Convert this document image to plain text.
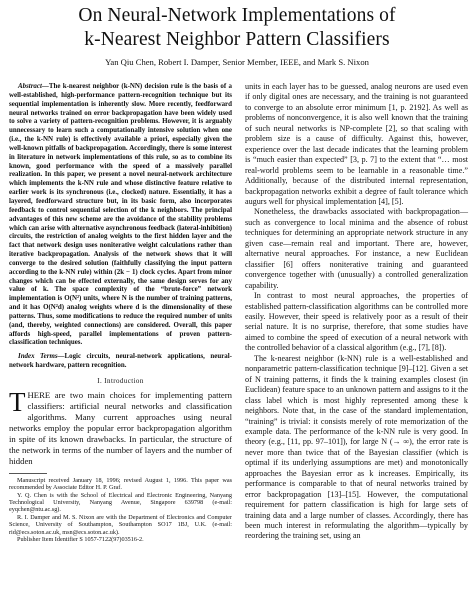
On Neural-Network Implementations of
k-Nearest Neighbor Pattern Classifiers
Yan Qiu Chen, Robert I. Damper, Senior Member, IEEE, and Mark S. Nixon

Abstract—The k-nearest neighbor (k-NN) decision rule is the basis of a well-established, high-performance pattern-recognition technique but its sequential implementation is inherently slow. More recently, feedforward neural networks trained on error backpropagation have been widely used to solve a variety of pattern-recognition problems. However, it is arguably unnecessary to learn such a computationally intensive solution when one (i.e., the k-NN rule) is effectively available a priori, especially given the well-known pitfalls of backpropagation. Accordingly, there is some interest in literature in network implementations of this rule, so as to combine its known, good performance with the speed of a massively parallel realization. In this paper, we present a novel neural-network architecture which implements the k-NN rule and whose distinctive feature relative to earlier work is its synchronous (i.e., clocked) nature. Essentially, it has a layered, feedforward structure but, in its basic form, also incorporates feedback to control sequential selection of the k neighbors. The principal advantages of this new scheme are the avoidance of the stability problems which can arise with alternative asynchronous feedback (lateral-inhibition) circuits, the restriction of analog weights to the first hidden layer and the fact that network design uses noniterative weight calculations rather than iterative backpropagation. Analysis of the network shows that it will converge to the desired solution (faithfully classifying the input pattern according to the k-NN rule) within (2k − 1) clock cycles. Apart from minor changes which can be effected externally, the same design serves for any value of k. The space complexity of the “brute-force” network implementation is O(N²) units, where N is the number of training patterns, and it has O(N²d) analog weights where d is the dimensionality of these patterns. Thus, some modifications to reduce the required number of units (and, thereby, weighted connections) are considered. Overall, this paper affords high-speed, parallel implementations of proven pattern-classification techniques.

Index Terms—Logic circuits, neural-network applications, neural-network hardware, pattern recognition.

I. Introduction

THERE are two main choices for implementing pattern classifiers: artificial neural networks and classification algorithms. Many current approaches using neural networks employ the popular error backpropagation algorithm in spite of its known drawbacks. In particular, the structure of the network in terms of the number of layers and the number of hidden

Manuscript received January 18, 1996; revised August 1, 1996. This paper was recommended by Associate Editor H. P. Graf.

Y. Q. Chen is with the School of Electrical and Electronic Engineering, Nanyang Technological University, Nanyang Avenue, Singapore 639798 (e-mail: eyqchen@ntu.ac.sg).

R. I. Damper and M. S. Nixon are with the Department of Electronics and Computer Science, University of Southampton, Southampton SO17 1BJ, U.K. (e-mail: rid@ecs.soton.ac.uk, msn@ecs.soton.ac.uk).

Publisher Item Identifier S 1057-7122(97)03516-2.

units in each layer has to be guessed, analog neurons are used even if only digital ones are necessary, and the training is not guaranteed to converge to an absolute error minimum [1, p. 2192]. As well as problems of nonconvergence, it is also well known that the training of such neural networks is NP-complete [2], so that scaling with problem size is a cause of difficulty. Against this, however, experience over the last decade indicates that the learning problem is “much easier than expected” [3, p. 7] to the extent that “… most real-world problems seem to be learnable in a reasonable time.” Additionally, because of the distributed internal representation, backpropagation networks exhibit a degree of fault tolerance which augurs well for physical implementation [4], [5].

Nonetheless, the drawbacks associated with backpropagation—such as convergence to local minima and the absence of robust techniques for determining an appropriate network structure in any given case—remain real and important. There are, however, alternative neural approaches. For instance, a new Euclidean classifier [6] offers noniterative training and guaranteed convergence together with (unusually) a controlled generalization capability.

In contrast to most neural approaches, the properties of established pattern-classification algorithms can be controlled more easily. However, their speed is relatively poor as a result of their serial nature. It is no surprise, therefore, that some studies have aimed to combine the speed of execution of a neural network with the controlled behavior of a classical algorithm (e.g., [7], [8]).

The k-nearest neighbor (k-NN) rule is a well-established and nonparametric pattern-classification technique [9]–[12]. Given a set of N training patterns, it finds the k training examples closest (in Euclidean) feature space to an unknown pattern and assigns to it the class label which is most highly represented among these k neighbors. Note that, in the case of the standard implementation, “training” is trivial: it consists merely of rote memorization of the example data. The performance of the k-NN rule is very good. In theory (e.g., [11, pp. 97–101]), for large N (→ ∞), the error rate is never more than twice that of the Bayesian classifier (which is optimal if its underlying assumptions are met) and monotonically approaches the Bayesian error as k increases. Empirically, its performance is comparable to that of neural networks trained by error backpropagation [13]–[15]. However, the computational requirement for pattern classification is high for large sets of training data and a large number of classes. Accordingly, there has been much interest in reformulating the algorithm—typically by reordering the training set, using an
